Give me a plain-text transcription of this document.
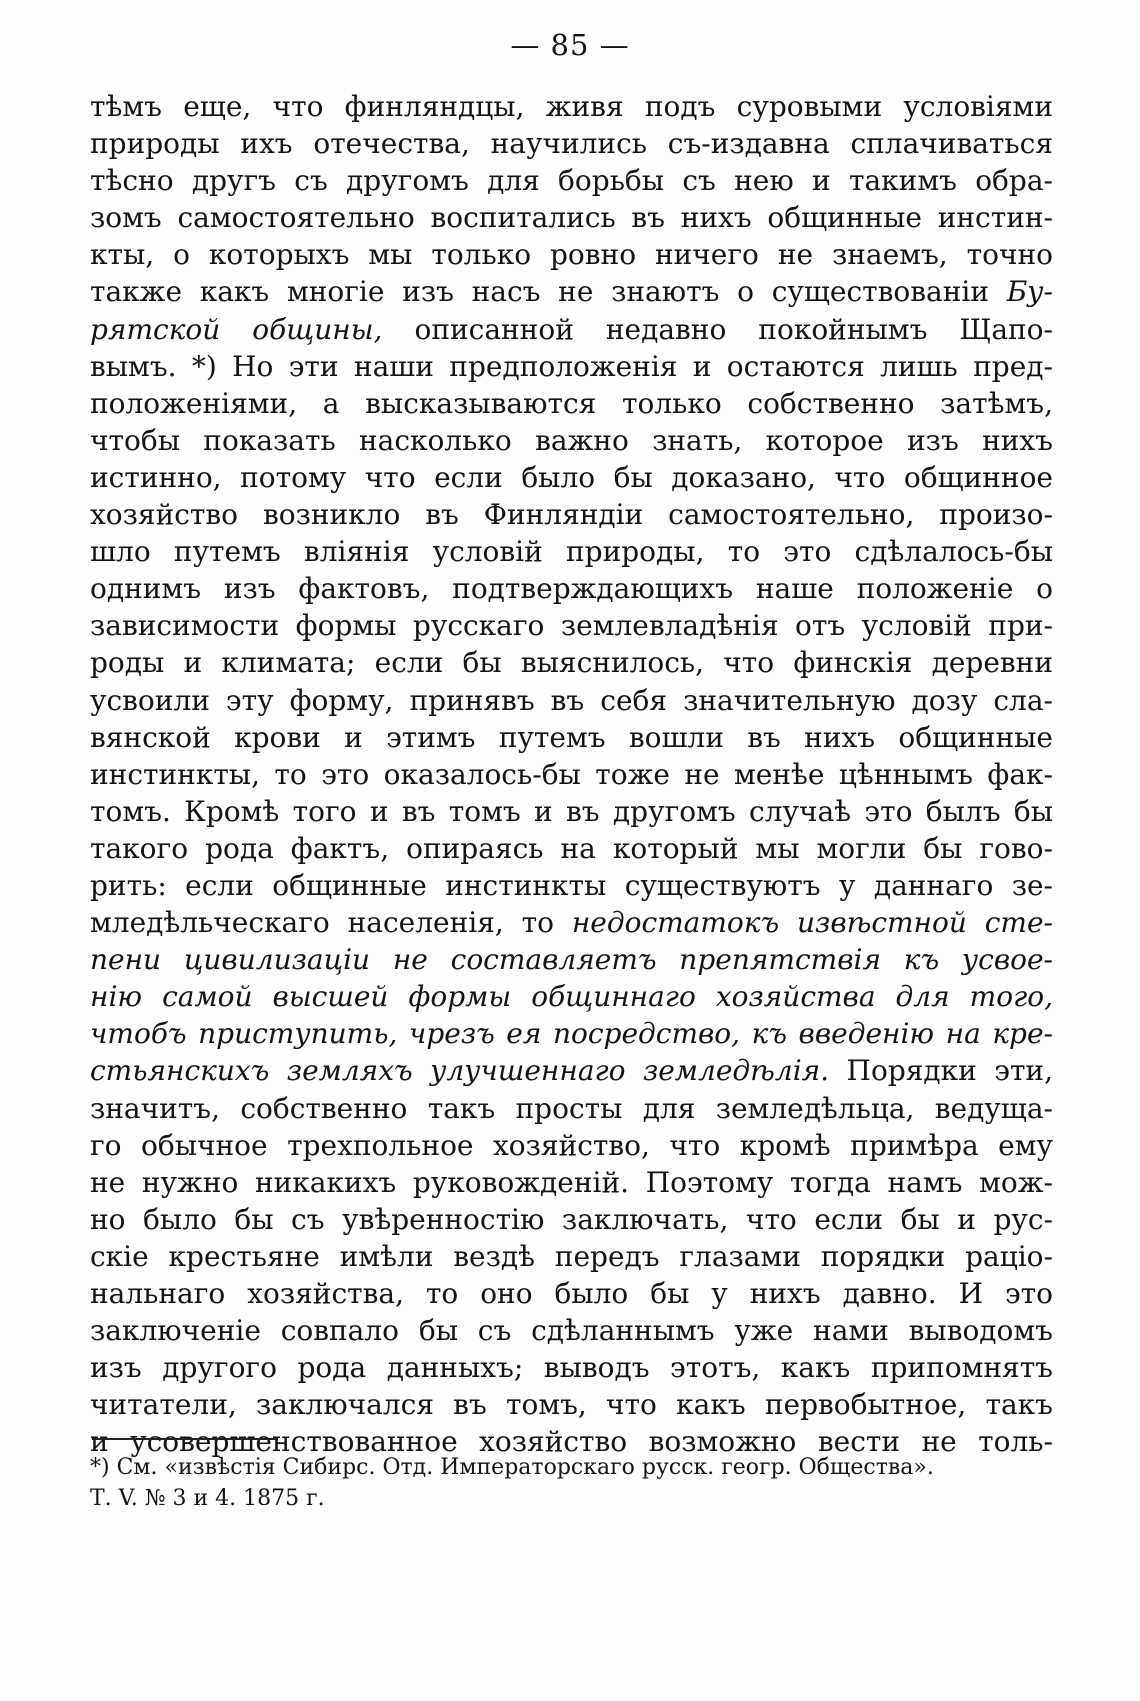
— 85 —

тѣмъ еще, что финляндцы, живя подъ суровыми условіями
природы ихъ отечества, научились съ-издавна сплачиваться
тѣсно другъ съ другомъ для борьбы съ нею и такимъ обра-
зомъ самостоятельно воспитались въ нихъ общинные инстин-
кты, о которыхъ мы только ровно ничего не знаемъ, точно
также какъ многіе изъ насъ не знаютъ о существованіи Бу-
рятской общины, описанной недавно покойнымъ Щапо-
вымъ. *) Но эти наши предположенія и остаются лишь пред-
положеніями, а высказываются только собственно затѣмъ,
чтобы показать насколько важно знать, которое изъ нихъ
истинно, потому что если было бы доказано, что общинное
хозяйство возникло въ Финляндіи самостоятельно, произо-
шло путемъ вліянія условій природы, то это сдѣлалось-бы
однимъ изъ фактовъ, подтверждающихъ наше положеніе о
зависимости формы русскаго землевладѣнія отъ условій при-
роды и климата; если бы выяснилось, что финскія деревни
усвоили эту форму, принявъ въ себя значительную дозу сла-
вянской крови и этимъ путемъ вошли въ нихъ общинные
инстинкты, то это оказалось-бы тоже не менѣе цѣннымъ фак-
томъ. Кромѣ того и въ томъ и въ другомъ случаѣ это былъ бы
такого рода фактъ, опираясь на который мы могли бы гово-
рить: если общинные инстинкты существуютъ у даннаго зе-
мледѣльческаго населенія, то недостатокъ извѣстной сте-
пени цивилизаціи не составляетъ препятствія къ усвое-
нію самой высшей формы общиннаго хозяйства для того,
чтобъ приступить, чрезъ ея посредство, къ введенію на кре-
стьянскихъ земляхъ улучшеннаго земледѣлія. Порядки эти,
значитъ, собственно такъ просты для земледѣльца, ведуща-
го обычное трехпольное хозяйство, что кромѣ примѣра ему
не нужно никакихъ руковожденій. Поэтому тогда намъ мож-
но было бы съ увѣренностію заключать, что если бы и рус-
скіе крестьяне имѣли вездѣ передъ глазами порядки раціо-
нальнаго хозяйства, то оно было бы у нихъ давно. И это
заключеніе совпало бы съ сдѣланнымъ уже нами выводомъ
изъ другого рода данныхъ; выводъ этотъ, какъ припомнятъ
читатели, заключался въ томъ, что какъ первобытное, такъ
и усовершенствованное хозяйство возможно вести не толь-

*) См. «извѣстія Сибирс. Отд. Императорскаго русск. геогр. Общества».
Т. V. № 3 и 4. 1875 г.
